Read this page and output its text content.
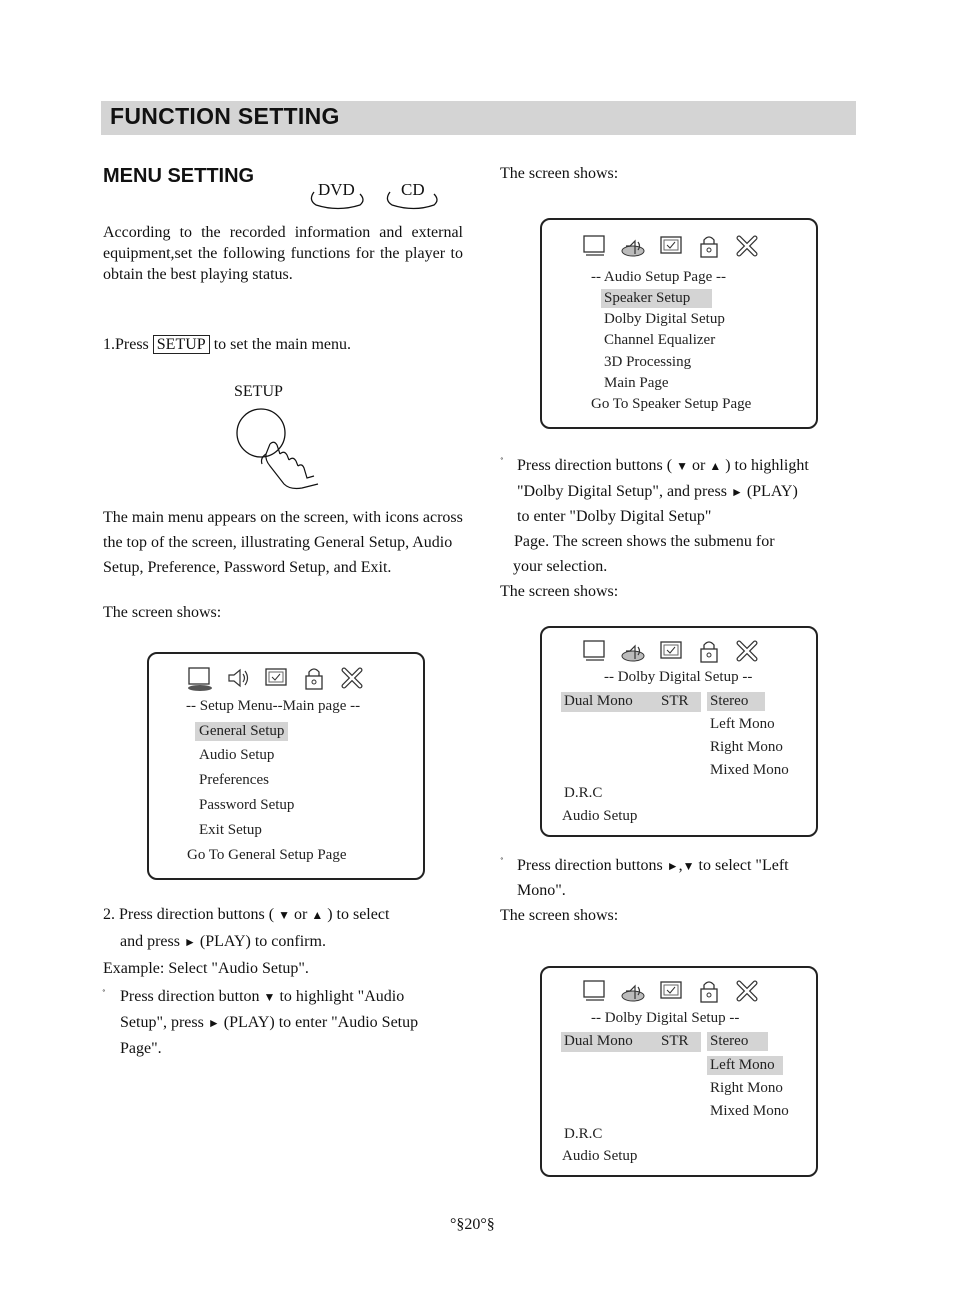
FUNCTION SETTING
MENU SETTING
DVD	CD
According to the recorded information and external equipment,set the following functions for the player to obtain the best playing status.
1.Press SETUP to set the main menu.
SETUP
The main menu appears on the screen, with icons across the top of the screen, illustrating General Setup, Audio Setup, Preference, Password Setup, and Exit.
The screen shows:
-- Setup Menu--Main page --
General Setup
Audio Setup
Preferences
Password Setup
Exit Setup
Go To General Setup Page
2. Press direction buttons ( ▼ or ▲ ) to select
and press ► (PLAY) to confirm.
Example: Select "Audio Setup".
˚ Press direction button ▼ to highlight "Audio
Setup", press ► (PLAY) to enter "Audio Setup
Page".
The screen shows:
-- Audio Setup Page --
Speaker Setup
Dolby Digital Setup
Channel Equalizer
3D Processing
Main Page
Go To Speaker Setup Page
˚ Press direction buttons ( ▼ or ▲ ) to highlight
"Dolby Digital Setup", and press ► (PLAY)
to enter "Dolby Digital Setup"
Page. The screen shows the submenu for
your selection.
The screen shows:
-- Dolby Digital Setup --
Dual Mono STR Stereo
Left Mono
Right Mono
Mixed Mono
D.R.C
Audio Setup
˚ Press direction buttons ►,▼ to select "Left
Mono".
The screen shows:
-- Dolby Digital Setup --
Dual Mono STR Stereo
Left Mono
Right Mono
Mixed Mono
D.R.C
Audio Setup
°§20°§
